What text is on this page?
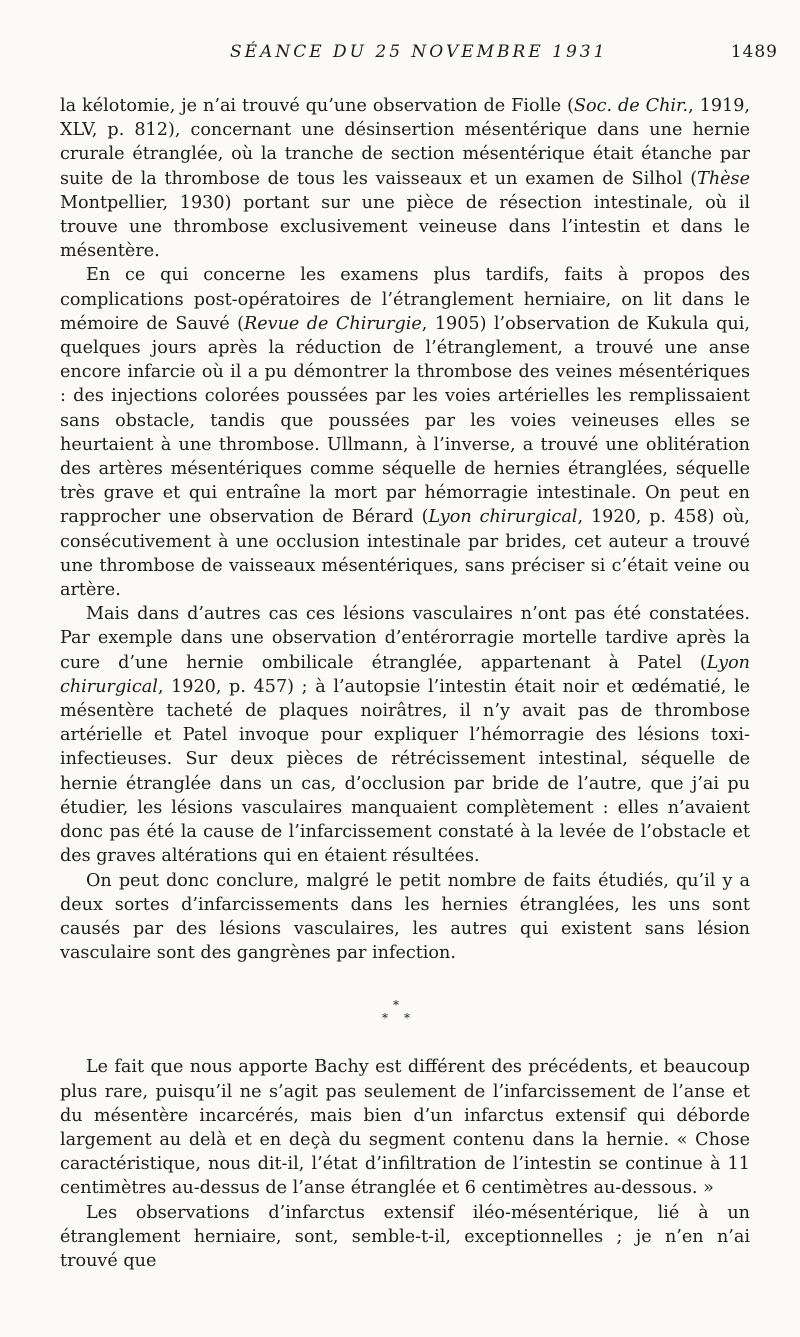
SÉANCE DU 25 NOVEMBRE 1931	1489

la kélotomie, je n’ai trouvé qu’une observation de Fiolle (Soc. de Chir., 1919, XLV, p. 812), concernant une désinsertion mésentérique dans une hernie crurale étranglée, où la tranche de section mésentérique était étanche par suite de la thrombose de tous les vaisseaux et un examen de Silhol (Thèse Montpellier, 1930) portant sur une pièce de résection intestinale, où il trouve une thrombose exclusivement veineuse dans l’intestin et dans le mésentère.

En ce qui concerne les examens plus tardifs, faits à propos des complications post-opératoires de l’étranglement herniaire, on lit dans le mémoire de Sauvé (Revue de Chirurgie, 1905) l’observation de Kukula qui, quelques jours après la réduction de l’étranglement, a trouvé une anse encore infarcie où il a pu démontrer la thrombose des veines mésentériques : des injections colorées poussées par les voies artérielles les remplissaient sans obstacle, tandis que poussées par les voies veineuses elles se heurtaient à une thrombose. Ullmann, à l’inverse, a trouvé une oblitération des artères mésentériques comme séquelle de hernies étranglées, séquelle très grave et qui entraîne la mort par hémorragie intestinale. On peut en rapprocher une observation de Bérard (Lyon chirurgical, 1920, p. 458) où, consécutivement à une occlusion intestinale par brides, cet auteur a trouvé une thrombose de vaisseaux mésentériques, sans préciser si c’était veine ou artère.

Mais dans d’autres cas ces lésions vasculaires n’ont pas été constatées. Par exemple dans une observation d’entérorragie mortelle tardive après la cure d’une hernie ombilicale étranglée, appartenant à Patel (Lyon chirurgical, 1920, p. 457) ; à l’autopsie l’intestin était noir et œdématié, le mésentère tacheté de plaques noirâtres, il n’y avait pas de thrombose artérielle et Patel invoque pour expliquer l’hémorragie des lésions toxi-infectieuses. Sur deux pièces de rétrécissement intestinal, séquelle de hernie étranglée dans un cas, d’occlusion par bride de l’autre, que j’ai pu étudier, les lésions vasculaires manquaient complètement : elles n’avaient donc pas été la cause de l’infarcissement constaté à la levée de l’obstacle et des graves altérations qui en étaient résultées.

On peut donc conclure, malgré le petit nombre de faits étudiés, qu’il y a deux sortes d’infarcissements dans les hernies étranglées, les uns sont causés par des lésions vasculaires, les autres qui existent sans lésion vasculaire sont des gangrènes par infection.

*
* *

Le fait que nous apporte Bachy est différent des précédents, et beaucoup plus rare, puisqu’il ne s’agit pas seulement de l’infarcissement de l’anse et du mésentère incarcérés, mais bien d’un infarctus extensif qui déborde largement au delà et en deçà du segment contenu dans la hernie. « Chose caractéristique, nous dit-il, l’état d’infiltration de l’intestin se continue à 11 centimètres au-dessus de l’anse étranglée et 6 centimètres au-dessous. »

Les observations d’infarctus extensif iléo-mésentérique, lié à un étranglement herniaire, sont, semble-t-il, exceptionnelles ; je n’en n’ai trouvé que
